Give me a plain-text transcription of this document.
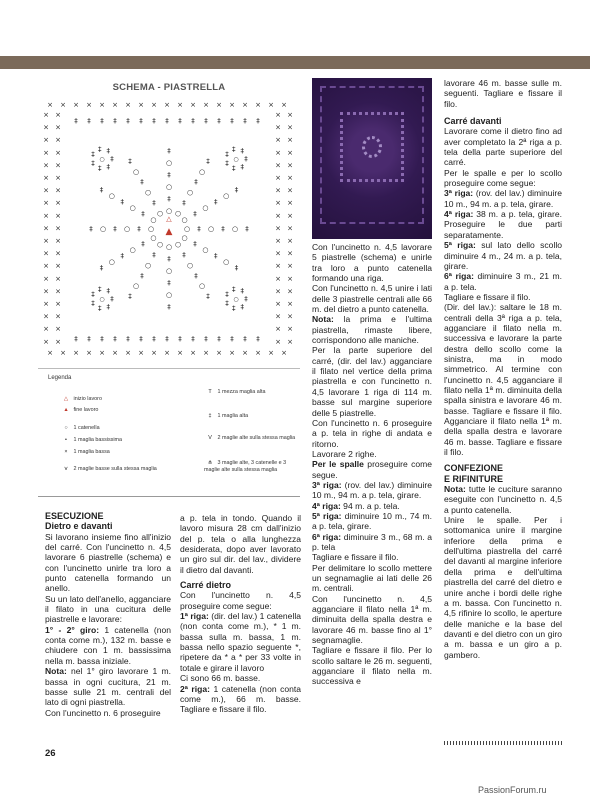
SCHEMA - PIASTRELLA
×
×
×
×
×
×
×
×
×
×
×
×
×
×
×
×
×
×
×
×
×
×
×
×
×
×
×
×
×
×
×
×
×
×
×
×
×
×
× ×	× ×
× ×	× ×
× ×	× ×
× ×	× ×
× ×	× ×
× ×	× ×
× ×	× ×
× ×	× ×
× ×	× ×
× ×	× ×
× ×	× ×
× ×	× ×
× ×	× ×
× ×	× ×
× ×	× ×
× ×	× ×
× ×	× ×
× ×	× ×
× ×	× ×
‡
‡
‡
‡
‡
‡
‡
‡
‡
‡
‡
‡
‡
‡
‡
‡
‡
‡
‡
‡
‡
‡
‡
‡
‡
‡
‡
‡
‡
‡
○ ‡ ○ ‡ ○ ‡
○
‡
○
‡
○
‡
○
‡
○
‡
○
‡
○
‡
○
‡
○
‡
○
‡
○
‡
○
‡
○
‡
○
‡
○
‡
○
‡
○
‡
○
‡
○
‡
○
‡
○
‡
○
‡
○
‡
○
‡
○
‡
○
‡
○
‡
○
‡
○
‡
○
‡
○
‡
○
‡
○
‡
‡
‡
‡
‡
‡
‡ ‡
○	‡
‡
‡
‡
‡
‡ ‡
○
‡
‡
‡
‡
‡
‡ ‡
○	‡
‡
‡
‡
‡
‡ ‡
○
▲
△
Legenda
△ inizio lavoro
▲ fine lavoro
○ 1 catenella
• 1 maglia bassissima
× 1 maglia bassa
⋎ 2 maglie basse sulla stessa maglia
Т 1 mezza maglia alta
‡ 1 maglia alta
V 2 maglie alte sulla stessa maglia
⋔ 3 maglie alte, 3 catenelle e 3 maglie alte sulla stessa maglia

ESECUZIONE

Dietro e davanti

Si lavorano insieme fino all'inizio del carré. Con l'uncinetto n. 4,5 lavorare 6 piastrelle (schema) e con l'uncinetto unirle tra loro a punto catenella formando un anello.

Su un lato dell'anello, agganciare il filato in una cucitura delle piastrelle e lavorare:

1° - 2° giro: 1 catenella (non conta come m.), 132 m. basse e chiudere con 1 m. bassissima nella m. bassa iniziale.

Nota: nel 1° giro lavorare 1 m. bassa in ogni cucitura, 21 m. basse sulle 21 m. centrali del lato di ogni piastrella.

Con l'uncinetto n. 6 proseguire

a p. tela in tondo. Quando il lavoro misura 28 cm dall'inizio del p. tela o alla lunghezza desiderata, dopo aver lavorato un giro sul dir. del lav., dividere il dietro dal davanti.

Carré dietro

Con l'uncinetto n. 4,5 proseguire come segue:

1ª riga: (dir. del lav.) 1 catenella (non conta come m.), * 1 m. bassa sulla m. bassa, 1 m. bassa nello spazio seguente *, ripetere da * a * per 33 volte in totale e girare il lavoro

Ci sono 66 m. basse.

2ª riga: 1 catenella (non conta come m.), 66 m. basse. Tagliare e fissare il filo.

Con l'uncinetto n. 4,5 lavorare 5 piastrelle (schema) e unirle tra loro a punto catenella formando una riga.

Con l'uncinetto n. 4,5 unire i lati delle 3 piastrelle centrali alle 66 m. del dietro a punto catenella.

Nota: la prima e l'ultima piastrella, rimaste libere, corrispondono alle maniche.

Per la parte superiore del carré, (dir. del lav.) agganciare il filato nel vertice della prima piastrella e con l'uncinetto n. 4,5 lavorare 1 riga di 114 m. basse sul margine superiore delle 5 piastrelle.

Con l'uncinetto n. 6 proseguire a p. tela in righe di andata e ritorno.

Lavorare 2 righe.

Per le spalle proseguire come segue.

3ª riga: (rov. del lav.) diminuire 10 m., 94 m. a p. tela, girare.

4ª riga: 94 m. a p. tela.

5ª riga: diminuire 10 m., 74 m. a p. tela, girare.

6ª riga: diminuire 3 m., 68 m. a p. tela

Tagliare e fissare il filo.

Per delimitare lo scollo mettere un segnamaglie ai lati delle 26 m. centrali.

Con l'uncinetto n. 4,5 agganciare il filato nella 1ª m. diminuita della spalla destra e lavorare 46 m. basse fino al 1° segnamaglie.

Tagliare e fissare il filo. Per lo scollo saltare le 26 m. seguenti, agganciare il filato nella m. successiva e

lavorare 46 m. basse sulle m. seguenti. Tagliare e fissare il filo.

Carré davanti

Lavorare come il dietro fino ad aver completato la 2ª riga a p. tela della parte superiore del carré.

Per le spalle e per lo scollo proseguire come segue:

3ª riga: (rov. del lav.) diminuire 10 m., 94 m. a p. tela, girare.

4ª riga: 38 m. a p. tela, girare. Proseguire le due parti separatamente.

5ª riga: sul lato dello scollo diminuire 4 m., 24 m. a p. tela, girare.

6ª riga: diminuire 3 m., 21 m. a p. tela.

Tagliare e fissare il filo.

(Dir. del lav.): saltare le 18 m. centrali della 3ª riga a p. tela, agganciare il filato nella m. successiva e lavorare la parte destra dello scollo come la sinistra, ma in modo simmetrico. Al termine con l'uncinetto n. 4,5 agganciare il filato nella 1ª m. diminuita della spalla sinistra e lavorare 46 m. basse. Tagliare e fissare il filo. Agganciare il filato nella 1ª m. della spalla destra e lavorare 46 m. basse. Tagliare e fissare il filo.

CONFEZIONE

E RIFINITURE

Nota: tutte le cuciture saranno eseguite con l'uncinetto n. 4,5 a punto catenella.

Unire le spalle. Per i sottomanica unire il margine inferiore della prima e dell'ultima piastrella del carré del davanti al margine inferiore della prima e dell'ultima piastrella del carré del dietro e unire anche i bordi delle righe a m. bassa. Con l'uncinetto n. 4,5 rifinire lo scollo, le aperture delle maniche e la base del davanti e del dietro con un giro a m. bassa e un giro a p. gambero.

26
PassionForum.ru
